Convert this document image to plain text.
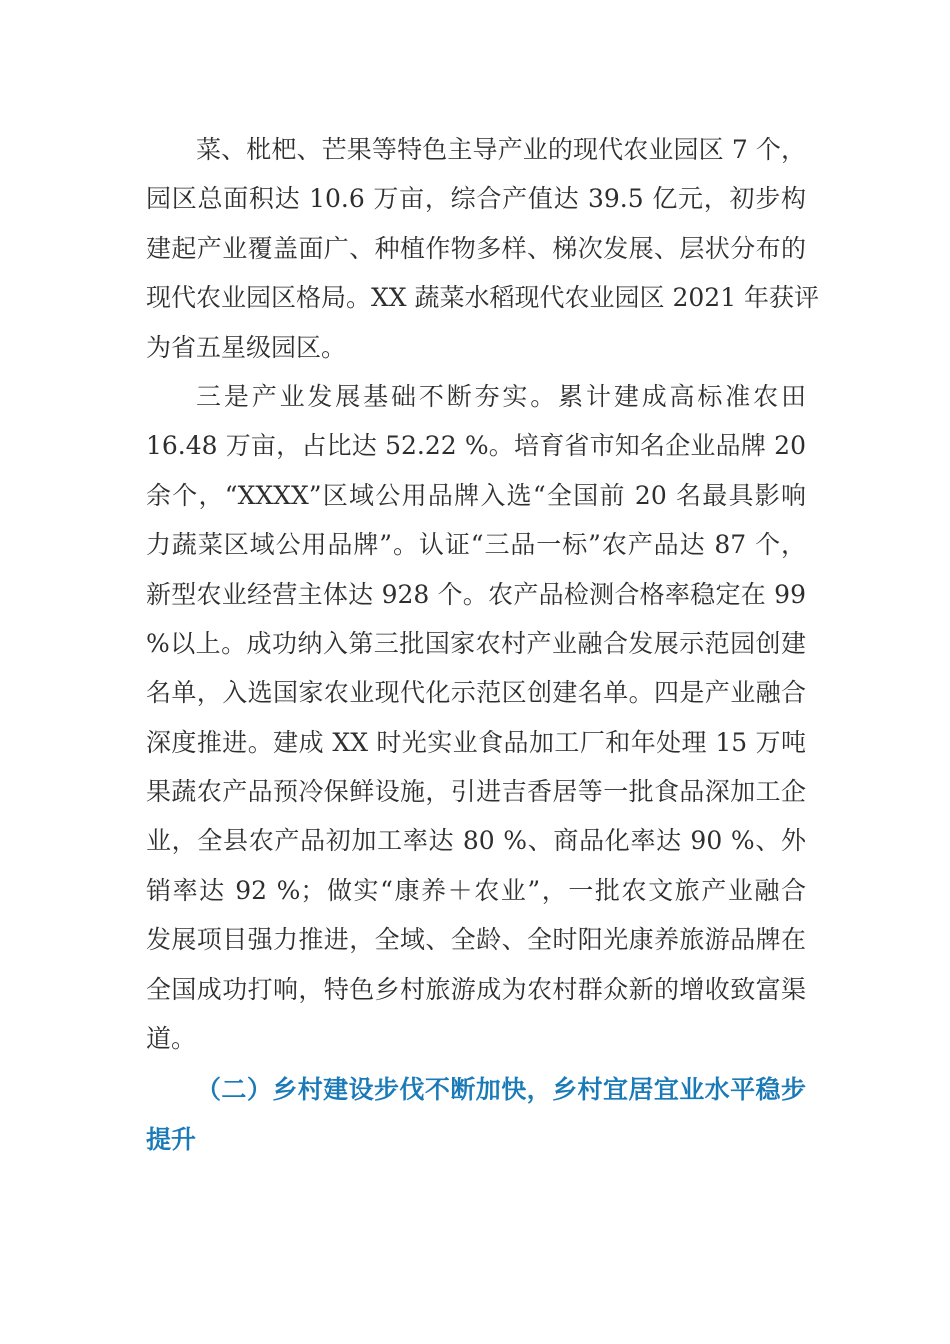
菜、枇杷、芒果等特色主导产业的现代农业园区 7 个，
园区总面积达 10.6 万亩，综合产值达 39.5 亿元，初步构
建起产业覆盖面广、种植作物多样、梯次发展、层状分布的
现代农业园区格局。XX 蔬菜水稻现代农业园区 2021 年获评
为省五星级园区。
三是产业发展基础不断夯实。累计建成高标准农田
16.48 万亩，占比达 52.22 %。培育省市知名企业品牌 20
余个，“XXXX”区域公用品牌入选“全国前 20 名最具影响
力蔬菜区域公用品牌”。认证“三品一标”农产品达 87 个，
新型农业经营主体达 928 个。农产品检测合格率稳定在 99
%以上。成功纳入第三批国家农村产业融合发展示范园创建
名单，入选国家农业现代化示范区创建名单。四是产业融合
深度推进。建成 XX 时光实业食品加工厂和年处理 15 万吨
果蔬农产品预冷保鲜设施，引进吉香居等一批食品深加工企
业，全县农产品初加工率达 80 %、商品化率达 90 %、外
销率达 92 %；做实“康养＋农业”，一批农文旅产业融合
发展项目强力推进，全域、全龄、全时阳光康养旅游品牌在
全国成功打响，特色乡村旅游成为农村群众新的增收致富渠
道。
（二）乡村建设步伐不断加快，乡村宜居宜业水平稳步
提升
